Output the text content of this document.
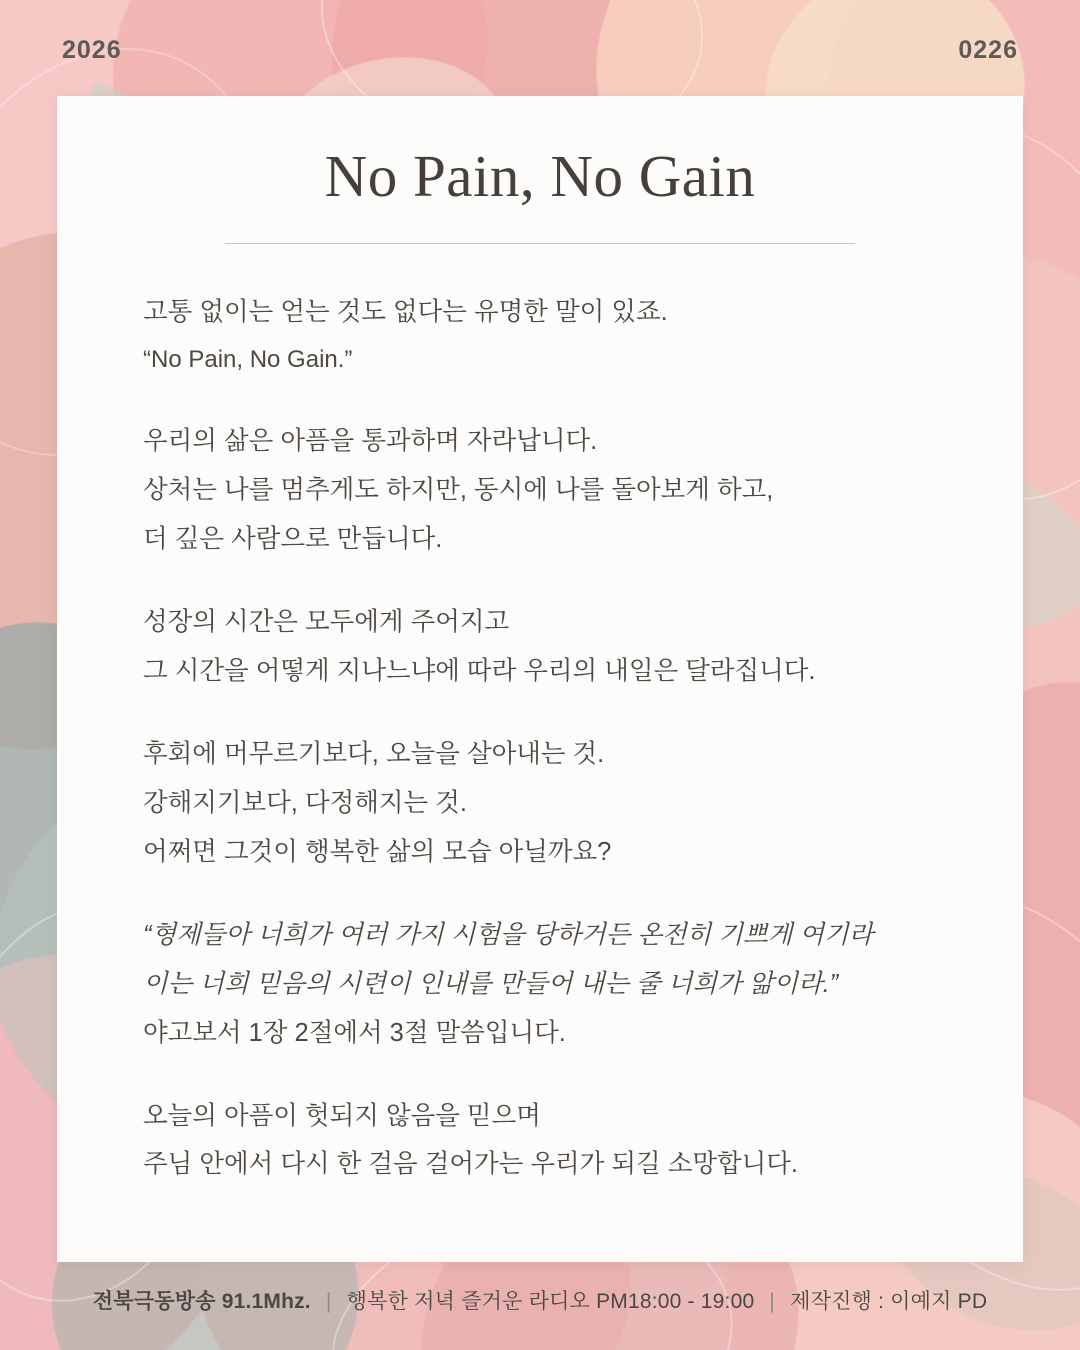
2026	0226
No Pain, No Gain

고통 없이는 얻는 것도 없다는 유명한 말이 있죠.
“No Pain, No Gain.”

우리의 삶은 아픔을 통과하며 자라납니다.
상처는 나를 멈추게도 하지만, 동시에 나를 돌아보게 하고,
더 깊은 사람으로 만듭니다.

성장의 시간은 모두에게 주어지고
그 시간을 어떻게 지나느냐에 따라 우리의 내일은 달라집니다.

후회에 머무르기보다, 오늘을 살아내는 것.
강해지기보다, 다정해지는 것.
어쩌면 그것이 행복한 삶의 모습 아닐까요?

“형제들아 너희가 여러 가지 시험을 당하거든 온전히 기쁘게 여기라
이는 너희 믿음의 시련이 인내를 만들어 내는 줄 너희가 앎이라.”
야고보서 1장 2절에서 3절 말씀입니다.

오늘의 아픔이 헛되지 않음을 믿으며
주님 안에서 다시 한 걸음 걸어가는 우리가 되길 소망합니다.

전북극동방송 91.1Mhz. | 행복한 저녁 즐거운 라디오 PM18:00 - 19:00 | 제작진행 : 이예지 PD
